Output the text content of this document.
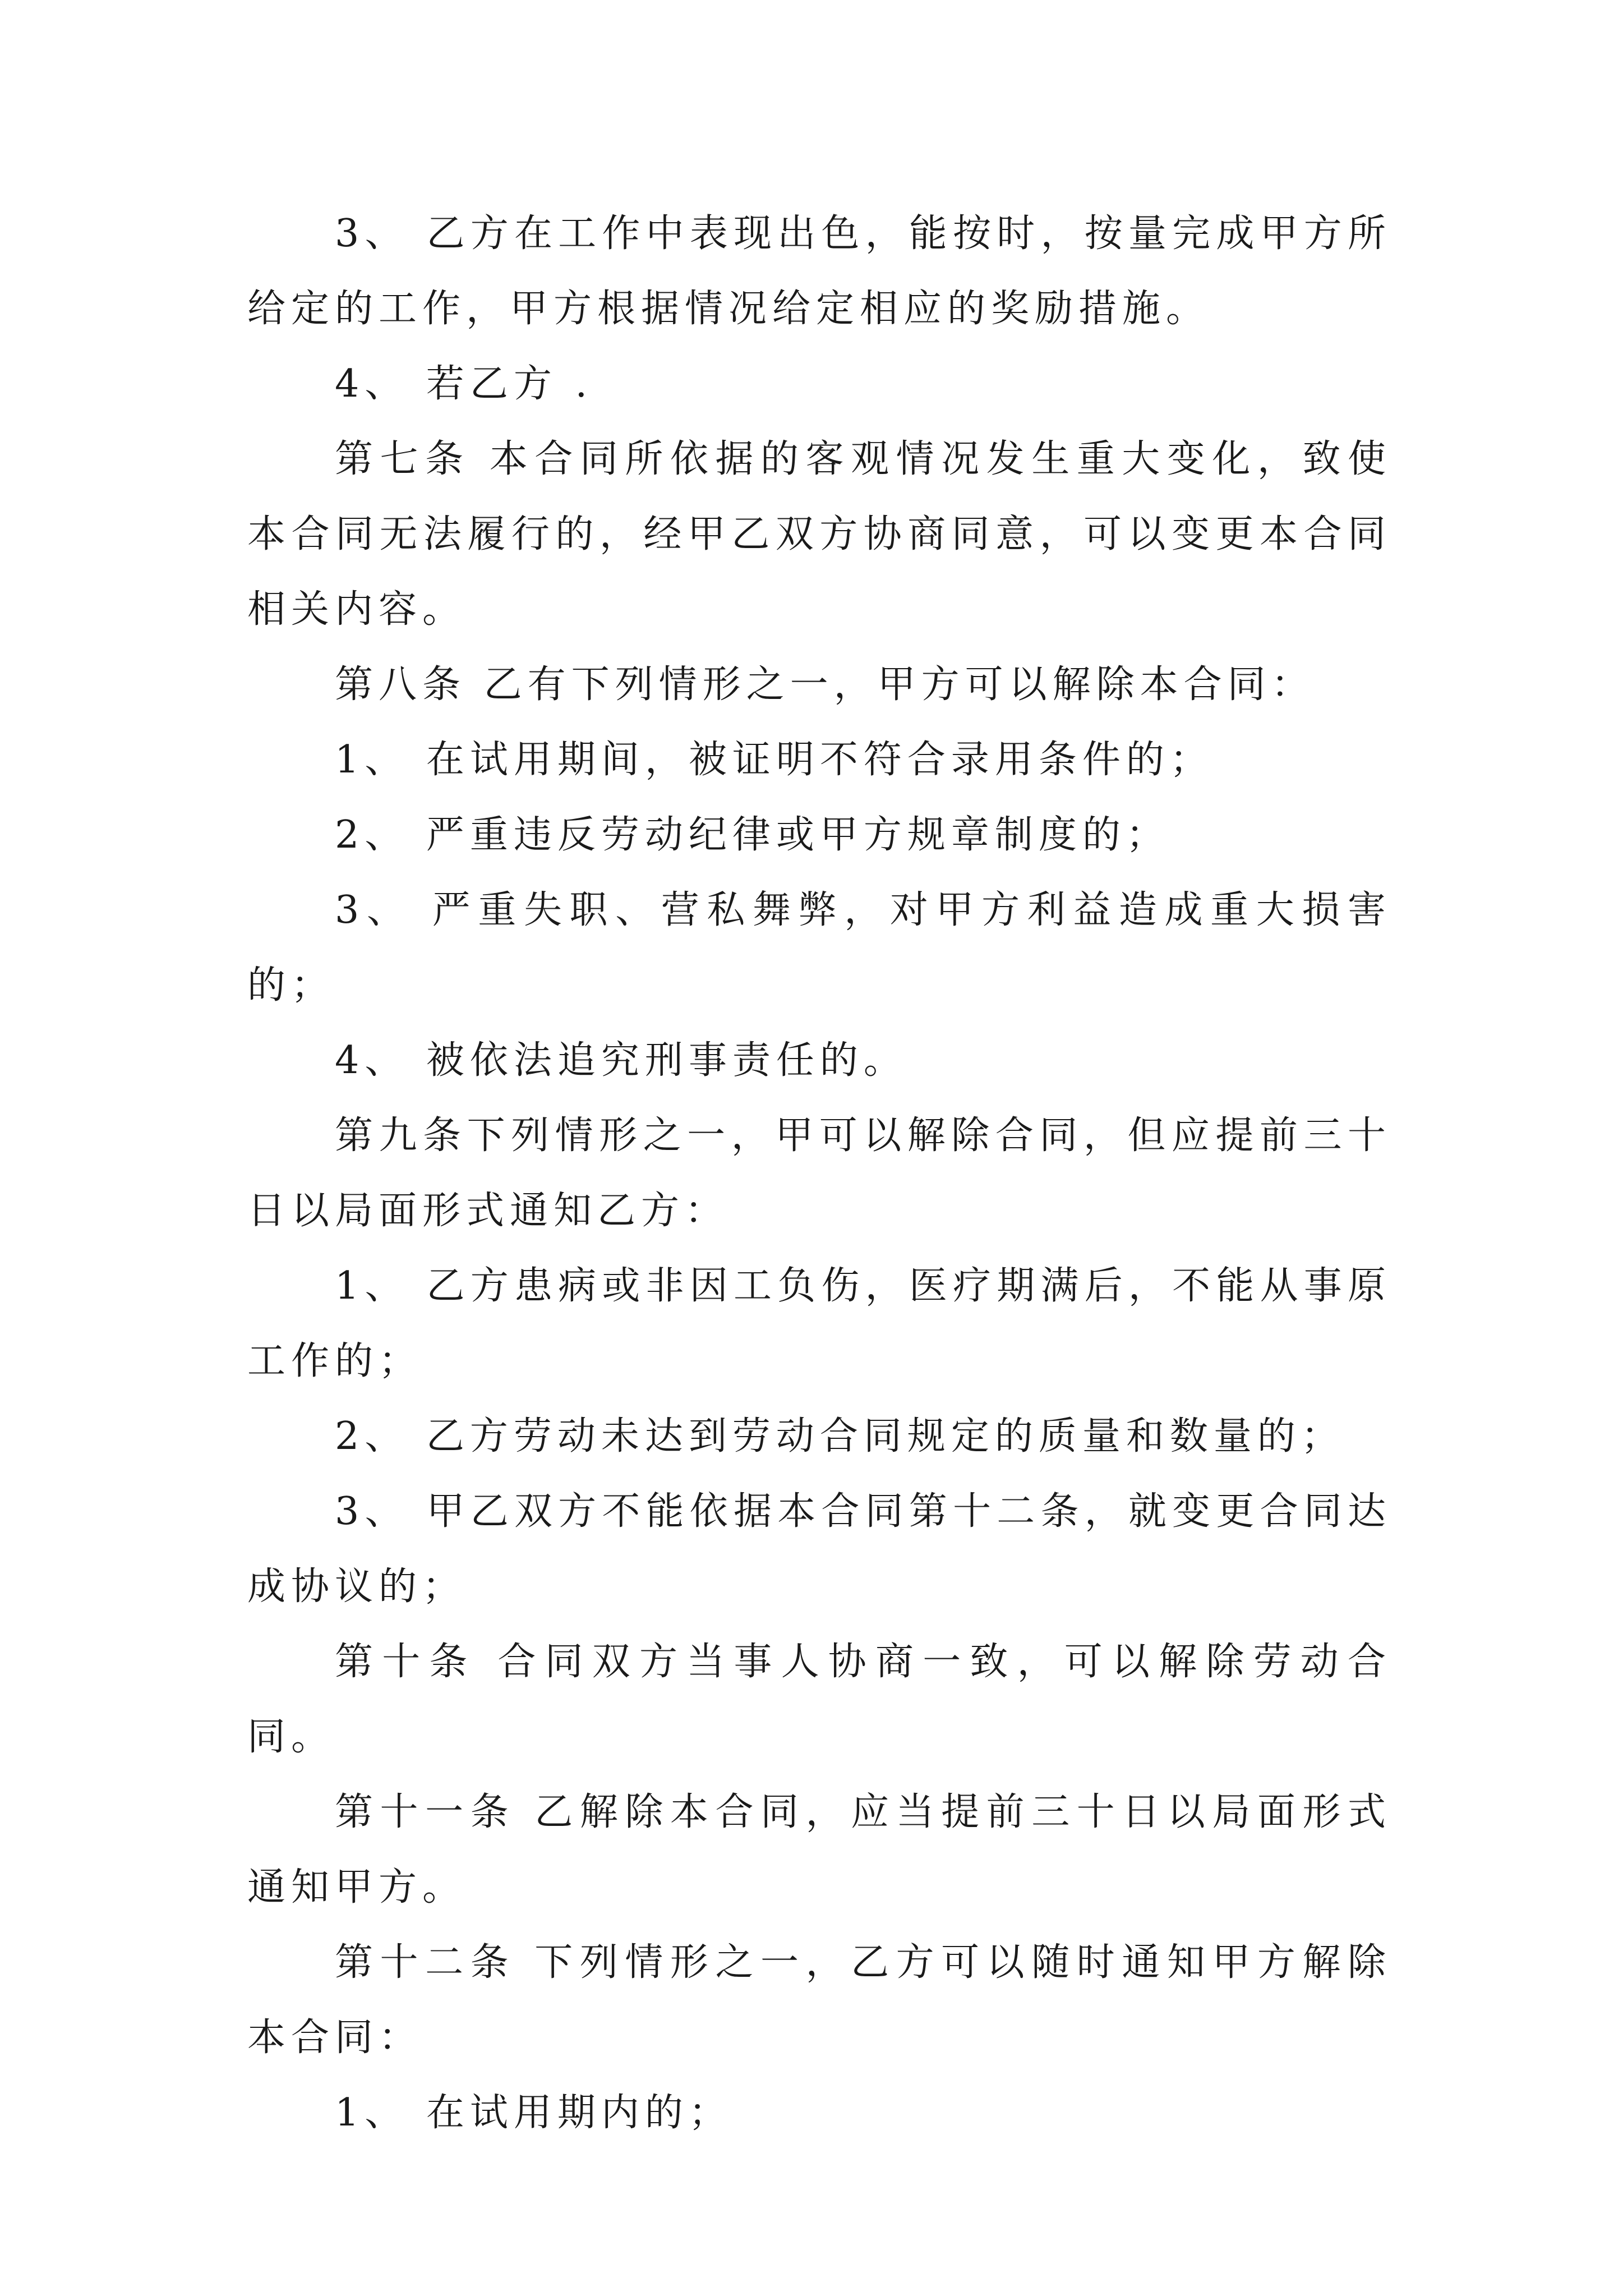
3、 乙方在工作中表现出色，能按时，按量完成甲方所给定的工作，甲方根据情况给定相应的奖励措施。

4、 若乙方 .

第七条 本合同所依据的客观情况发生重大变化，致使本合同无法履行的，经甲乙双方协商同意，可以变更本合同相关内容。

第八条 乙有下列情形之一，甲方可以解除本合同：

1、 在试用期间，被证明不符合录用条件的；

2、 严重违反劳动纪律或甲方规章制度的；

3、 严重失职、营私舞弊，对甲方利益造成重大损害的；

4、 被依法追究刑事责任的。

第九条下列情形之一，甲可以解除合同，但应提前三十日以局面形式通知乙方：

1、 乙方患病或非因工负伤，医疗期满后，不能从事原工作的；

2、 乙方劳动未达到劳动合同规定的质量和数量的；

3、 甲乙双方不能依据本合同第十二条，就变更合同达成协议的；

第十条 合同双方当事人协商一致，可以解除劳动合同。

第十一条 乙解除本合同，应当提前三十日以局面形式通知甲方。

第十二条 下列情形之一，乙方可以随时通知甲方解除本合同：

1、 在试用期内的；
